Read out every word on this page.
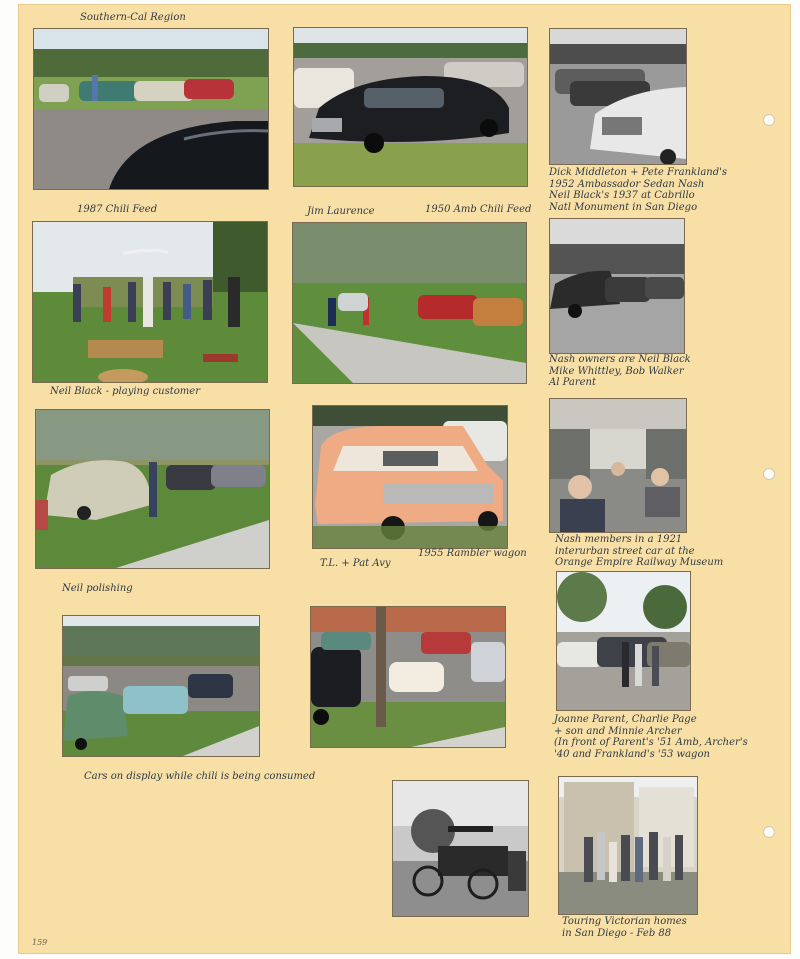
Southern-Cal Region
Dick Middleton + Pete Frankland's
1952 Ambassador Sedan Nash
Neil Black's 1937 at Cabrillo
Natl Monument in San Diego
1987 Chili Feed	Jim Laurence	1950 Amb Chili Feed
Nash owners are Neil Black
Mike Whittley, Bob Walker
Al Parent
Neil Black - playing customer
Nash members in a 1921
interurban street car at the
Orange Empire Railway Museum
T.L. + Pat Avy
1955 Rambler wagon
Neil polishing
Joanne Parent, Charlie Page
+ son and Minnie Archer
(In front of Parent's '51 Amb, Archer's
'40 and Frankland's '53 wagon
Cars on display while chili is being consumed
Touring Victorian homes
in San Diego - Feb 88
159
